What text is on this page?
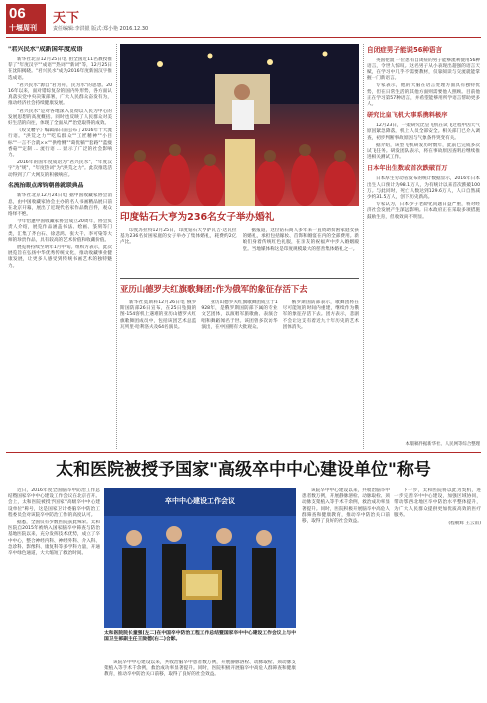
06
十堰周刊
天下
责任编辑:李洪银 版式:郑小艳 2016.12.30
"君兴民水"成新国年度成语
新华社北京12月25日电 由全国近11名教授推荐了"年度汉字""成语""热词""新词"等，12月25日在沈阳揭晓。"君兴民水"成为2016年度新国汉字推选成语。
"君兴民水"源自"君为舟，民为水"的思想。2016年以来，面对错综复杂的国内外形势，各方面认真落实党中央决策部署，广大人民群众奋发有为，推动经济社会持续健康发展。
"君兴民水"是对各地深入贯彻以人民为中心的发展思想的高度概括。同时也反映了人民群众对美好生活的向往，体现了全面从严治党取得的成效。
《咬文嚼字》编辑部日前公布了2016年十大流行语。"洪荒之力""吃瓜群众""工匠精神""小目标""一言不合就××""供给侧""葛优躺""套路""蓝瘦香菇""定制 ... 流行语 ... 显示了广泛的社会影响力。
2016年的国年度成语为"君兴民水"，"年度汉字"为"规"，"年度热词"为"洪荒之力"。此次推选活动得到了广大网友的积极响应。
名流抬眼点席钧朝兽就联典品
新华社北京12月24日电 据中国收藏家协会消息，由中国收藏家协会主办的名人书画精品展日前在北京开幕，展出了近现代名家作品数百件，观众络绎不绝。
今年恰逢中国收藏家协会成立20周年，协会负责人介绍，展览作品涵盖书法、绘画、篆刻等门类，汇集了齐白石、徐悲鸿、张大千、李可染等大师的珍贵作品，具有较高的艺术价值和收藏价值。
展览将持续至明年1月中旬。组织方表示，此次展览旨在弘扬中华优秀传统文化，推动收藏事业健康发展，让更多人感受到传统书画艺术的独特魅力。
印度钻石大亨为236名女子举办婚礼
印度苏拉特12月25日，印度钻石大亨萨瓦吉·达瓦拉基为236名贫困家庭的女子举办了集体婚礼，耗费约2亿卢比。
据报道，这位钻石商人多年来一直资助贫困家庭女孩的婚礼，承担包括嫁妆、首饰和婚宴在内的全部费用。新娘们身着传统红色礼服，在亲友的祝福声中步入婚姻殿堂。当地媒体称这是印度规模最大的慈善集体婚礼之一。
亚历山德罗夫红旗歌舞团:作为俄军的象征存活下去
新华社莫斯科12月26日电 俄罗斯国防部26日宣布，在25日坠毁的图-154客机上遇难的亚历山德罗夫红旗歌舞团成员中，包括该团艺术总监瓦列里·哈利洛夫及64名演员。
亚历山德罗夫红旗歌舞团成立于1928年，是俄罗斯国防部下属的专业文艺团体，以演唱军旅歌曲、表演合唱和舞蹈闻名于世。该团曾多次访华演出，在中国拥有大批观众。
俄罗斯国防部表示，歌舞团将在尽可能短的时间内重建，继续作为俄军的象征存活下去。团方表示，悲剧不会让这支有着近九十年历史的艺术团体消失。
自闭症男子能说56种语言
英国伦敦 一位患有自闭症的男子能够流利使用56种语言，令世人惊叹。这名男子从小表现出超强的语言天赋，在学习中几乎不需要教材，仅靠阅读与交流就能掌握一门新语言。
专家表示，他的大脑在语言处理方面具有独特优势，但在日常生活的其他方面则需要他人照顾。目前他正在学习第57种语言，并希望能够用所学语言帮助更多人。
研究比皇飞机大事系携料极序
12月23日，一架研究比皇飞机在试飞过程中因天气原因紧急降落，机上人员全部安全。相关部门已介入调查，初步判断事故原因与气象条件突变有关。
据介绍，该型飞机研发历时数年，此前已完成多次试飞任务。研发团队表示，将在事故原因查明后继续推进相关测试工作。
日本年出生数或首次跌破百万
日本厚生劳动省发布的统计数据显示，2016年日本出生人口预计为98.1万人，为有统计以来首次跌破100万。与此同时，死亡人数达到129.6万人，人口自然减少约31.5万人，创下历史新高。
专家认为，日本少子老龄化问题日益严重，将对经济社会发展产生深远影响。日本政府正在采取多项措施鼓励生育，但收效尚不明显。
本版稿件据新华社、人民网等综合整理
太和医院被授予国家"高级卒中中心建设单位"称号
近日，2016年度全国脑卒中防治工作总结暨国家卒中中心建设工作会议在北京召开。会上，太和医院被授予国家"高级卒中中心建设单位"称号，这是国家卫计委脑卒中防治工程委员会对该院卒中防治工作的高度认可。
据悉，全国仅有少数医院获此殊荣。太和医院自2015年被纳入国家脑卒中筛查与防治基地医院以来，充分发挥技术优势，成立了卒中中心，整合神经内科、神经外科、介入科、急诊科、影像科、康复科等多学科力量，开通卒中绿色通道，大大缩短了救治时间。
卒中中心建设工作会议
太和医院院长童强(左二)在中国卒中防治工程工作总结暨国家卒中中心建设工作会议上与中国卫生部副主任王陇德(右二)合影。
该院卒中中心建设以来，共收治脑卒中患者数万例，开展静脉溶栓、动脉取栓、颈动脉支架植入等手术千余例，救治成功率显著提升。同时，医院积极开展脑卒中高危人群筛查和健康教育，推动卒中防治关口前移，取得了良好的社会效益。
该院卒中中心建设以来，共收治脑卒中患者数万例，开展静脉溶栓、动脉取栓、颈动脉支架植入等手术千余例，救治成功率显著提升。同时，医院积极开展脑卒中高危人群筛查和健康教育，推动卒中防治关口前移，取得了良好的社会效益。
下一步，太和医院将以此为契机，进一步完善卒中中心建设，加强区域协同，带动鄂西北地区卒中防治水平整体提升，为广大人民群众提供更加优质高效的医疗服务。
(程朝辉 王云甫)
